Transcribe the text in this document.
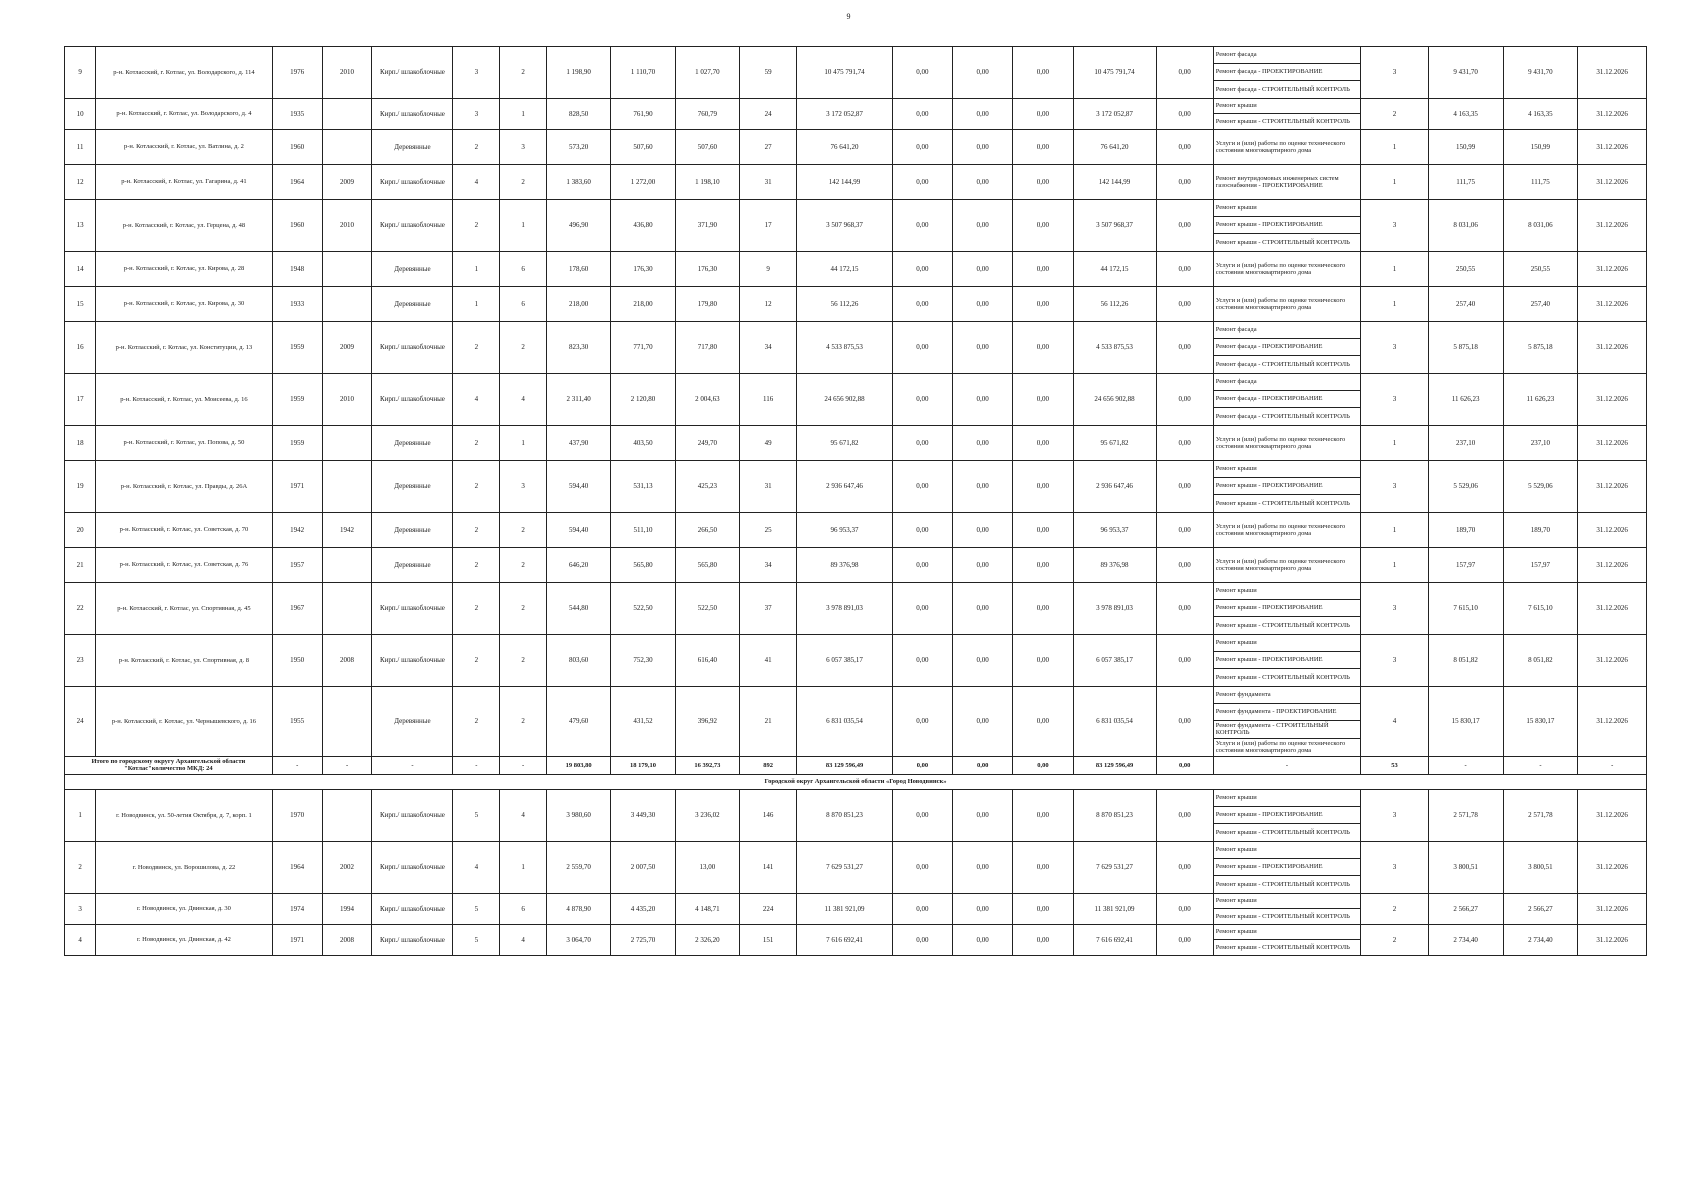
9
9	р-н. Котласский, г. Котлас, ул. Володарского, д. 114	1976	2010	Кирп./ шлакоблочные	3	2	1 198,90	1 110,70	1 027,70	59	10 475 791,74	0,00	0,00	0,00	10 475 791,74	0,00	Ремонт фасада
Ремонт фасада - ПРОЕКТИРОВАНИЕ
Ремонт фасада - СТРОИТЕЛЬНЫЙ КОНТРОЛЬ	3	9 431,70	9 431,70	31.12.2026
10	р-н. Котласский, г. Котлас, ул. Володарского, д. 4	1935		Кирп./ шлакоблочные	3	1	828,50	761,90	760,79	24	3 172 052,87	0,00	0,00	0,00	3 172 052,87	0,00	Ремонт крыши
Ремонт крыши - СТРОИТЕЛЬНЫЙ КОНТРОЛЬ	2	4 163,35	4 163,35	31.12.2026
11	р-н. Котласский, г. Котлас, ул. Ватлина, д. 2	1960		Деревянные	2	3	573,20	507,60	507,60	27	76 641,20	0,00	0,00	0,00	76 641,20	0,00	Услуги и (или) работы по оценке технического состояния многоквартирного дома	1	150,99	150,99	31.12.2026
12	р-н. Котласский, г. Котлас, ул. Гагарина, д. 41	1964	2009	Кирп./ шлакоблочные	4	2	1 383,60	1 272,00	1 198,10	31	142 144,99	0,00	0,00	0,00	142 144,99	0,00	Ремонт внутридомовых инженерных систем газоснабжения - ПРОЕКТИРОВАНИЕ	1	111,75	111,75	31.12.2026
13	р-н. Котласский, г. Котлас, ул. Герцена, д. 48	1960	2010	Кирп./ шлакоблочные	2	1	496,90	436,80	371,90	17	3 507 968,37	0,00	0,00	0,00	3 507 968,37	0,00	Ремонт крыши
Ремонт крыши - ПРОЕКТИРОВАНИЕ
Ремонт крыши - СТРОИТЕЛЬНЫЙ КОНТРОЛЬ	3	8 031,06	8 031,06	31.12.2026
14	р-н. Котласский, г. Котлас, ул. Кирова, д. 28	1948		Деревянные	1	6	178,60	176,30	176,30	9	44 172,15	0,00	0,00	0,00	44 172,15	0,00	Услуги и (или) работы по оценке технического состояния многоквартирного дома	1	250,55	250,55	31.12.2026
15	р-н. Котласский, г. Котлас, ул. Кирова, д. 30	1933		Деревянные	1	6	218,00	218,00	179,80	12	56 112,26	0,00	0,00	0,00	56 112,26	0,00	Услуги и (или) работы по оценке технического состояния многоквартирного дома	1	257,40	257,40	31.12.2026
16	р-н. Котласский, г. Котлас, ул. Конституции, д. 13	1959	2009	Кирп./ шлакоблочные	2	2	823,30	771,70	717,80	34	4 533 875,53	0,00	0,00	0,00	4 533 875,53	0,00	Ремонт фасада
Ремонт фасада - ПРОЕКТИРОВАНИЕ
Ремонт фасада - СТРОИТЕЛЬНЫЙ КОНТРОЛЬ	3	5 875,18	5 875,18	31.12.2026
17	р-н. Котласский, г. Котлас, ул. Моисеева, д. 16	1959	2010	Кирп./ шлакоблочные	4	4	2 311,40	2 120,80	2 004,63	116	24 656 902,88	0,00	0,00	0,00	24 656 902,88	0,00	Ремонт фасада
Ремонт фасада - ПРОЕКТИРОВАНИЕ
Ремонт фасада - СТРОИТЕЛЬНЫЙ КОНТРОЛЬ	3	11 626,23	11 626,23	31.12.2026
18	р-н. Котласский, г. Котлас, ул. Попова, д. 50	1959		Деревянные	2	1	437,90	403,50	249,70	49	95 671,82	0,00	0,00	0,00	95 671,82	0,00	Услуги и (или) работы по оценке технического состояния многоквартирного дома	1	237,10	237,10	31.12.2026
19	р-н. Котласский, г. Котлас, ул. Правды, д. 26А	1971		Деревянные	2	3	594,40	531,13	425,23	31	2 936 647,46	0,00	0,00	0,00	2 936 647,46	0,00	Ремонт крыши
Ремонт крыши - ПРОЕКТИРОВАНИЕ
Ремонт крыши - СТРОИТЕЛЬНЫЙ КОНТРОЛЬ	3	5 529,06	5 529,06	31.12.2026
20	р-н. Котласский, г. Котлас, ул. Советская, д. 70	1942	1942	Деревянные	2	2	594,40	511,10	266,50	25	96 953,37	0,00	0,00	0,00	96 953,37	0,00	Услуги и (или) работы по оценке технического состояния многоквартирного дома	1	189,70	189,70	31.12.2026
21	р-н. Котласский, г. Котлас, ул. Советская, д. 76	1957		Деревянные	2	2	646,20	565,80	565,80	34	89 376,98	0,00	0,00	0,00	89 376,98	0,00	Услуги и (или) работы по оценке технического состояния многоквартирного дома	1	157,97	157,97	31.12.2026
22	р-н. Котласский, г. Котлас, ул. Спортивная, д. 45	1967		Кирп./ шлакоблочные	2	2	544,80	522,50	522,50	37	3 978 891,03	0,00	0,00	0,00	3 978 891,03	0,00	Ремонт крыши
Ремонт крыши - ПРОЕКТИРОВАНИЕ
Ремонт крыши - СТРОИТЕЛЬНЫЙ КОНТРОЛЬ	3	7 615,10	7 615,10	31.12.2026
23	р-н. Котласский, г. Котлас, ул. Спортивная, д. 8	1950	2008	Кирп./ шлакоблочные	2	2	803,60	752,30	616,40	41	6 057 385,17	0,00	0,00	0,00	6 057 385,17	0,00	Ремонт крыши
Ремонт крыши - ПРОЕКТИРОВАНИЕ
Ремонт крыши - СТРОИТЕЛЬНЫЙ КОНТРОЛЬ	3	8 051,82	8 051,82	31.12.2026
24	р-н. Котласский, г. Котлас, ул. Чернышевского, д. 16	1955		Деревянные	2	2	479,60	431,52	396,92	21	6 831 035,54	0,00	0,00	0,00	6 831 035,54	0,00	Ремонт фундамента
Ремонт фундамента - ПРОЕКТИРОВАНИЕ
Ремонт фундамента - СТРОИТЕЛЬНЫЙ КОНТРОЛЬ
Услуги и (или) работы по оценке технического состояния многоквартирного дома	4	15 830,17	15 830,17	31.12.2026
Итого по городскому округу Архангельской области "Котлас"количество МКД: 24		-	-	-	-	-	19 803,80	18 179,10	16 392,73	892	83 129 596,49	0,00	0,00	0,00	83 129 596,49	0,00	-	53	-	-	-
Городской округ Архангельской области «Город Новодвинск»																					
1	г. Новодвинск, ул. 50-летия Октября, д. 7, корп. 1	1970		Кирп./ шлакоблочные	5	4	3 980,60	3 449,30	3 236,02	146	8 870 851,23	0,00	0,00	0,00	8 870 851,23	0,00	Ремонт крыши
Ремонт крыши - ПРОЕКТИРОВАНИЕ
Ремонт крыши - СТРОИТЕЛЬНЫЙ КОНТРОЛЬ	3	2 571,78	2 571,78	31.12.2026
2	г. Новодвинск, ул. Ворошилова, д. 22	1964	2002	Кирп./ шлакоблочные	4	1	2 559,70	2 007,50	13,00	141	7 629 531,27	0,00	0,00	0,00	7 629 531,27	0,00	Ремонт крыши
Ремонт крыши - ПРОЕКТИРОВАНИЕ
Ремонт крыши - СТРОИТЕЛЬНЫЙ КОНТРОЛЬ	3	3 800,51	3 800,51	31.12.2026
3	г. Новодвинск, ул. Двинская, д. 30	1974	1994	Кирп./ шлакоблочные	5	6	4 878,90	4 435,20	4 148,71	224	11 381 921,09	0,00	0,00	0,00	11 381 921,09	0,00	Ремонт крыши
Ремонт крыши - СТРОИТЕЛЬНЫЙ КОНТРОЛЬ	2	2 566,27	2 566,27	31.12.2026
4	г. Новодвинск, ул. Двинская, д. 42	1971	2008	Кирп./ шлакоблочные	5	4	3 064,70	2 725,70	2 326,20	151	7 616 692,41	0,00	0,00	0,00	7 616 692,41	0,00	Ремонт крыши
Ремонт крыши - СТРОИТЕЛЬНЫЙ КОНТРОЛЬ	2	2 734,40	2 734,40	31.12.2026
